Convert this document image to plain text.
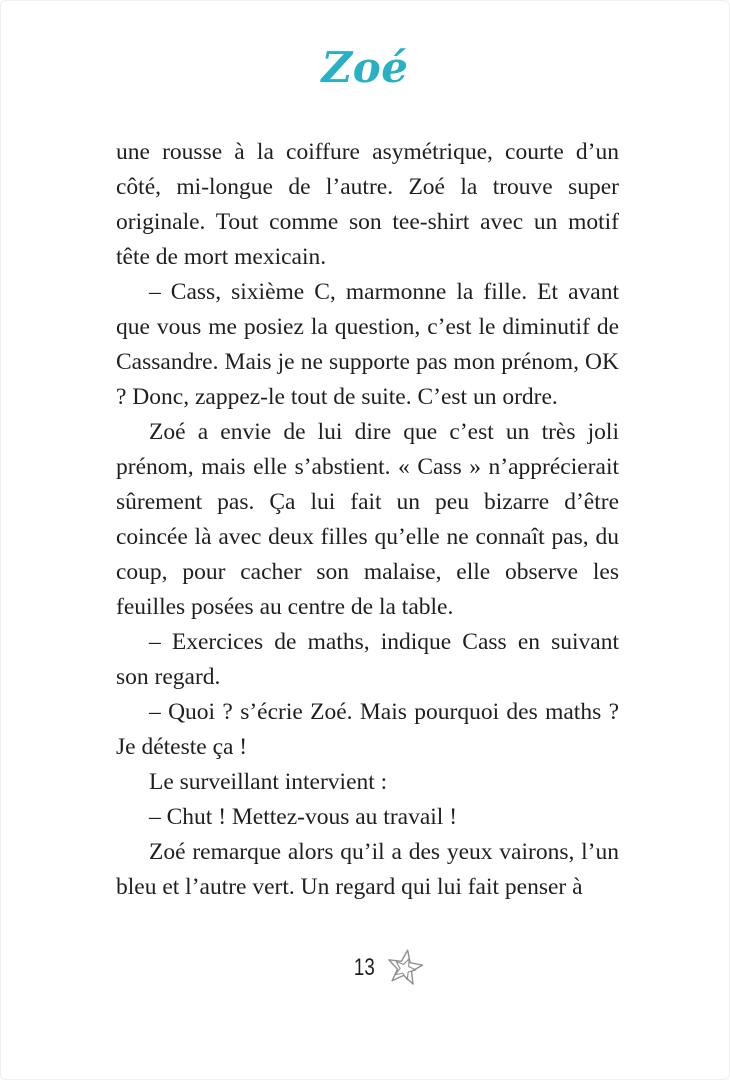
Zoé

une rousse à la coiffure asymétrique, courte d’un côté, mi-longue de l’autre. Zoé la trouve super originale. Tout comme son tee-shirt avec un motif tête de mort mexicain.

– Cass, sixième C, marmonne la fille. Et avant que vous me posiez la question, c’est le diminutif de Cassandre. Mais je ne supporte pas mon prénom, OK ? Donc, zappez-le tout de suite. C’est un ordre.

Zoé a envie de lui dire que c’est un très joli prénom, mais elle s’abstient. « Cass » n’apprécierait sûrement pas. Ça lui fait un peu bizarre d’être coincée là avec deux filles qu’elle ne connaît pas, du coup, pour cacher son malaise, elle observe les feuilles posées au centre de la table.

– Exercices de maths, indique Cass en suivant son regard.

– Quoi ? s’écrie Zoé. Mais pourquoi des maths ? Je déteste ça !

Le surveillant intervient :

– Chut ! Mettez-vous au travail !

Zoé remarque alors qu’il a des yeux vairons, l’un bleu et l’autre vert. Un regard qui lui fait penser à

13
